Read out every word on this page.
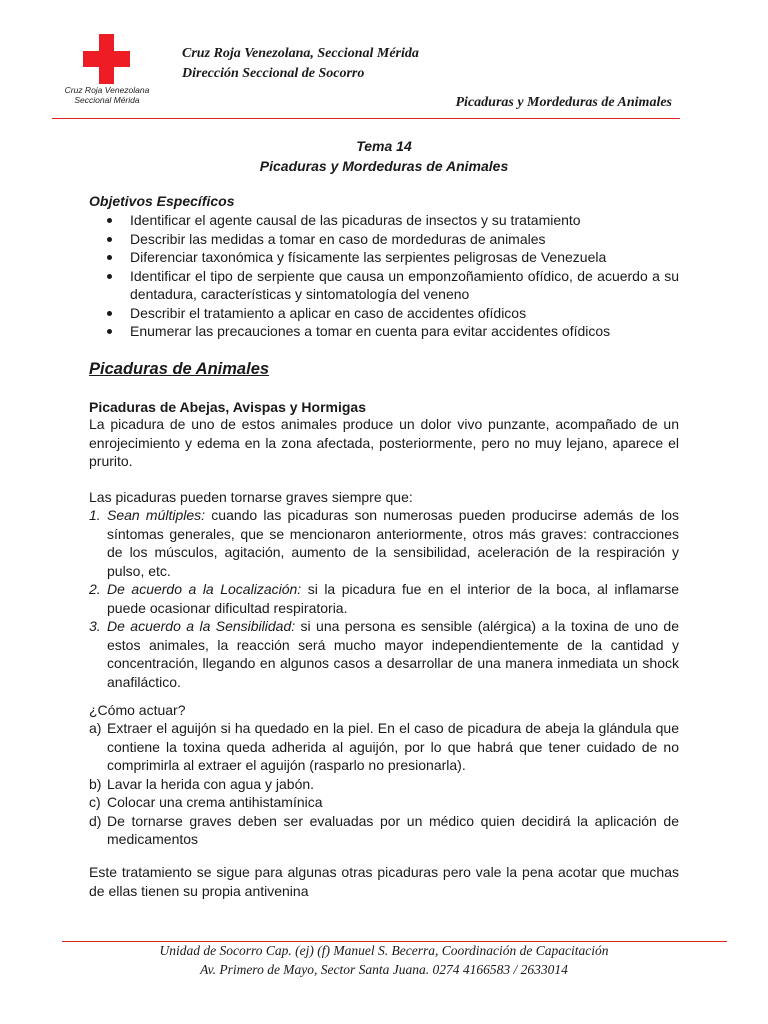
Cruz Roja Venezolana
Seccional Mérida
Cruz Roja Venezolana, Seccional Mérida
Dirección Seccional de Socorro
Picaduras y Mordeduras de Animales
Tema 14
Picaduras y Mordeduras de Animales
Objetivos Específicos
Identificar el agente causal de las picaduras de insectos y su tratamiento
Describir las medidas a tomar en caso de mordeduras de animales
Diferenciar taxonómica y físicamente las serpientes peligrosas de Venezuela
Identificar el tipo de serpiente que causa un emponzoñamiento ofídico, de acuerdo a su dentadura, características y sintomatología del veneno
Describir el tratamiento a aplicar en caso de accidentes ofídicos
Enumerar las precauciones a tomar en cuenta para evitar accidentes ofídicos
Picaduras de Animales
Picaduras de Abejas, Avispas y Hormigas
La picadura de uno de estos animales produce un dolor vivo punzante, acompañado de un enrojecimiento y edema en la zona afectada, posteriormente, pero no muy lejano, aparece el prurito.
Las picaduras pueden tornarse graves siempre que:
1. Sean múltiples: cuando las picaduras son numerosas pueden producirse además de los síntomas generales, que se mencionaron anteriormente, otros más graves: contracciones de los músculos, agitación, aumento de la sensibilidad, aceleración de la respiración y pulso, etc.
2. De acuerdo a la Localización: si la picadura fue en el interior de la boca, al inflamarse puede ocasionar dificultad respiratoria.
3. De acuerdo a la Sensibilidad: si una persona es sensible (alérgica) a la toxina de uno de estos animales, la reacción será mucho mayor independientemente de la cantidad y concentración, llegando en algunos casos a desarrollar de una manera inmediata un shock anafiláctico.
¿Cómo actuar?
a) Extraer el aguijón si ha quedado en la piel. En el caso de picadura de abeja la glándula que contiene la toxina queda adherida al aguijón, por lo que habrá que tener cuidado de no comprimirla al extraer el aguijón (rasparlo no presionarla).
b) Lavar la herida con agua y jabón.
c) Colocar una crema antihistamínica
d) De tornarse graves deben ser evaluadas por un médico quien decidirá la aplicación de medicamentos
Este tratamiento se sigue para algunas otras picaduras pero vale la pena acotar que muchas de ellas tienen su propia antivenina
Unidad de Socorro Cap. (ej) (f) Manuel S. Becerra, Coordinación de Capacitación
Av. Primero de Mayo, Sector Santa Juana. 0274 4166583 / 2633014
